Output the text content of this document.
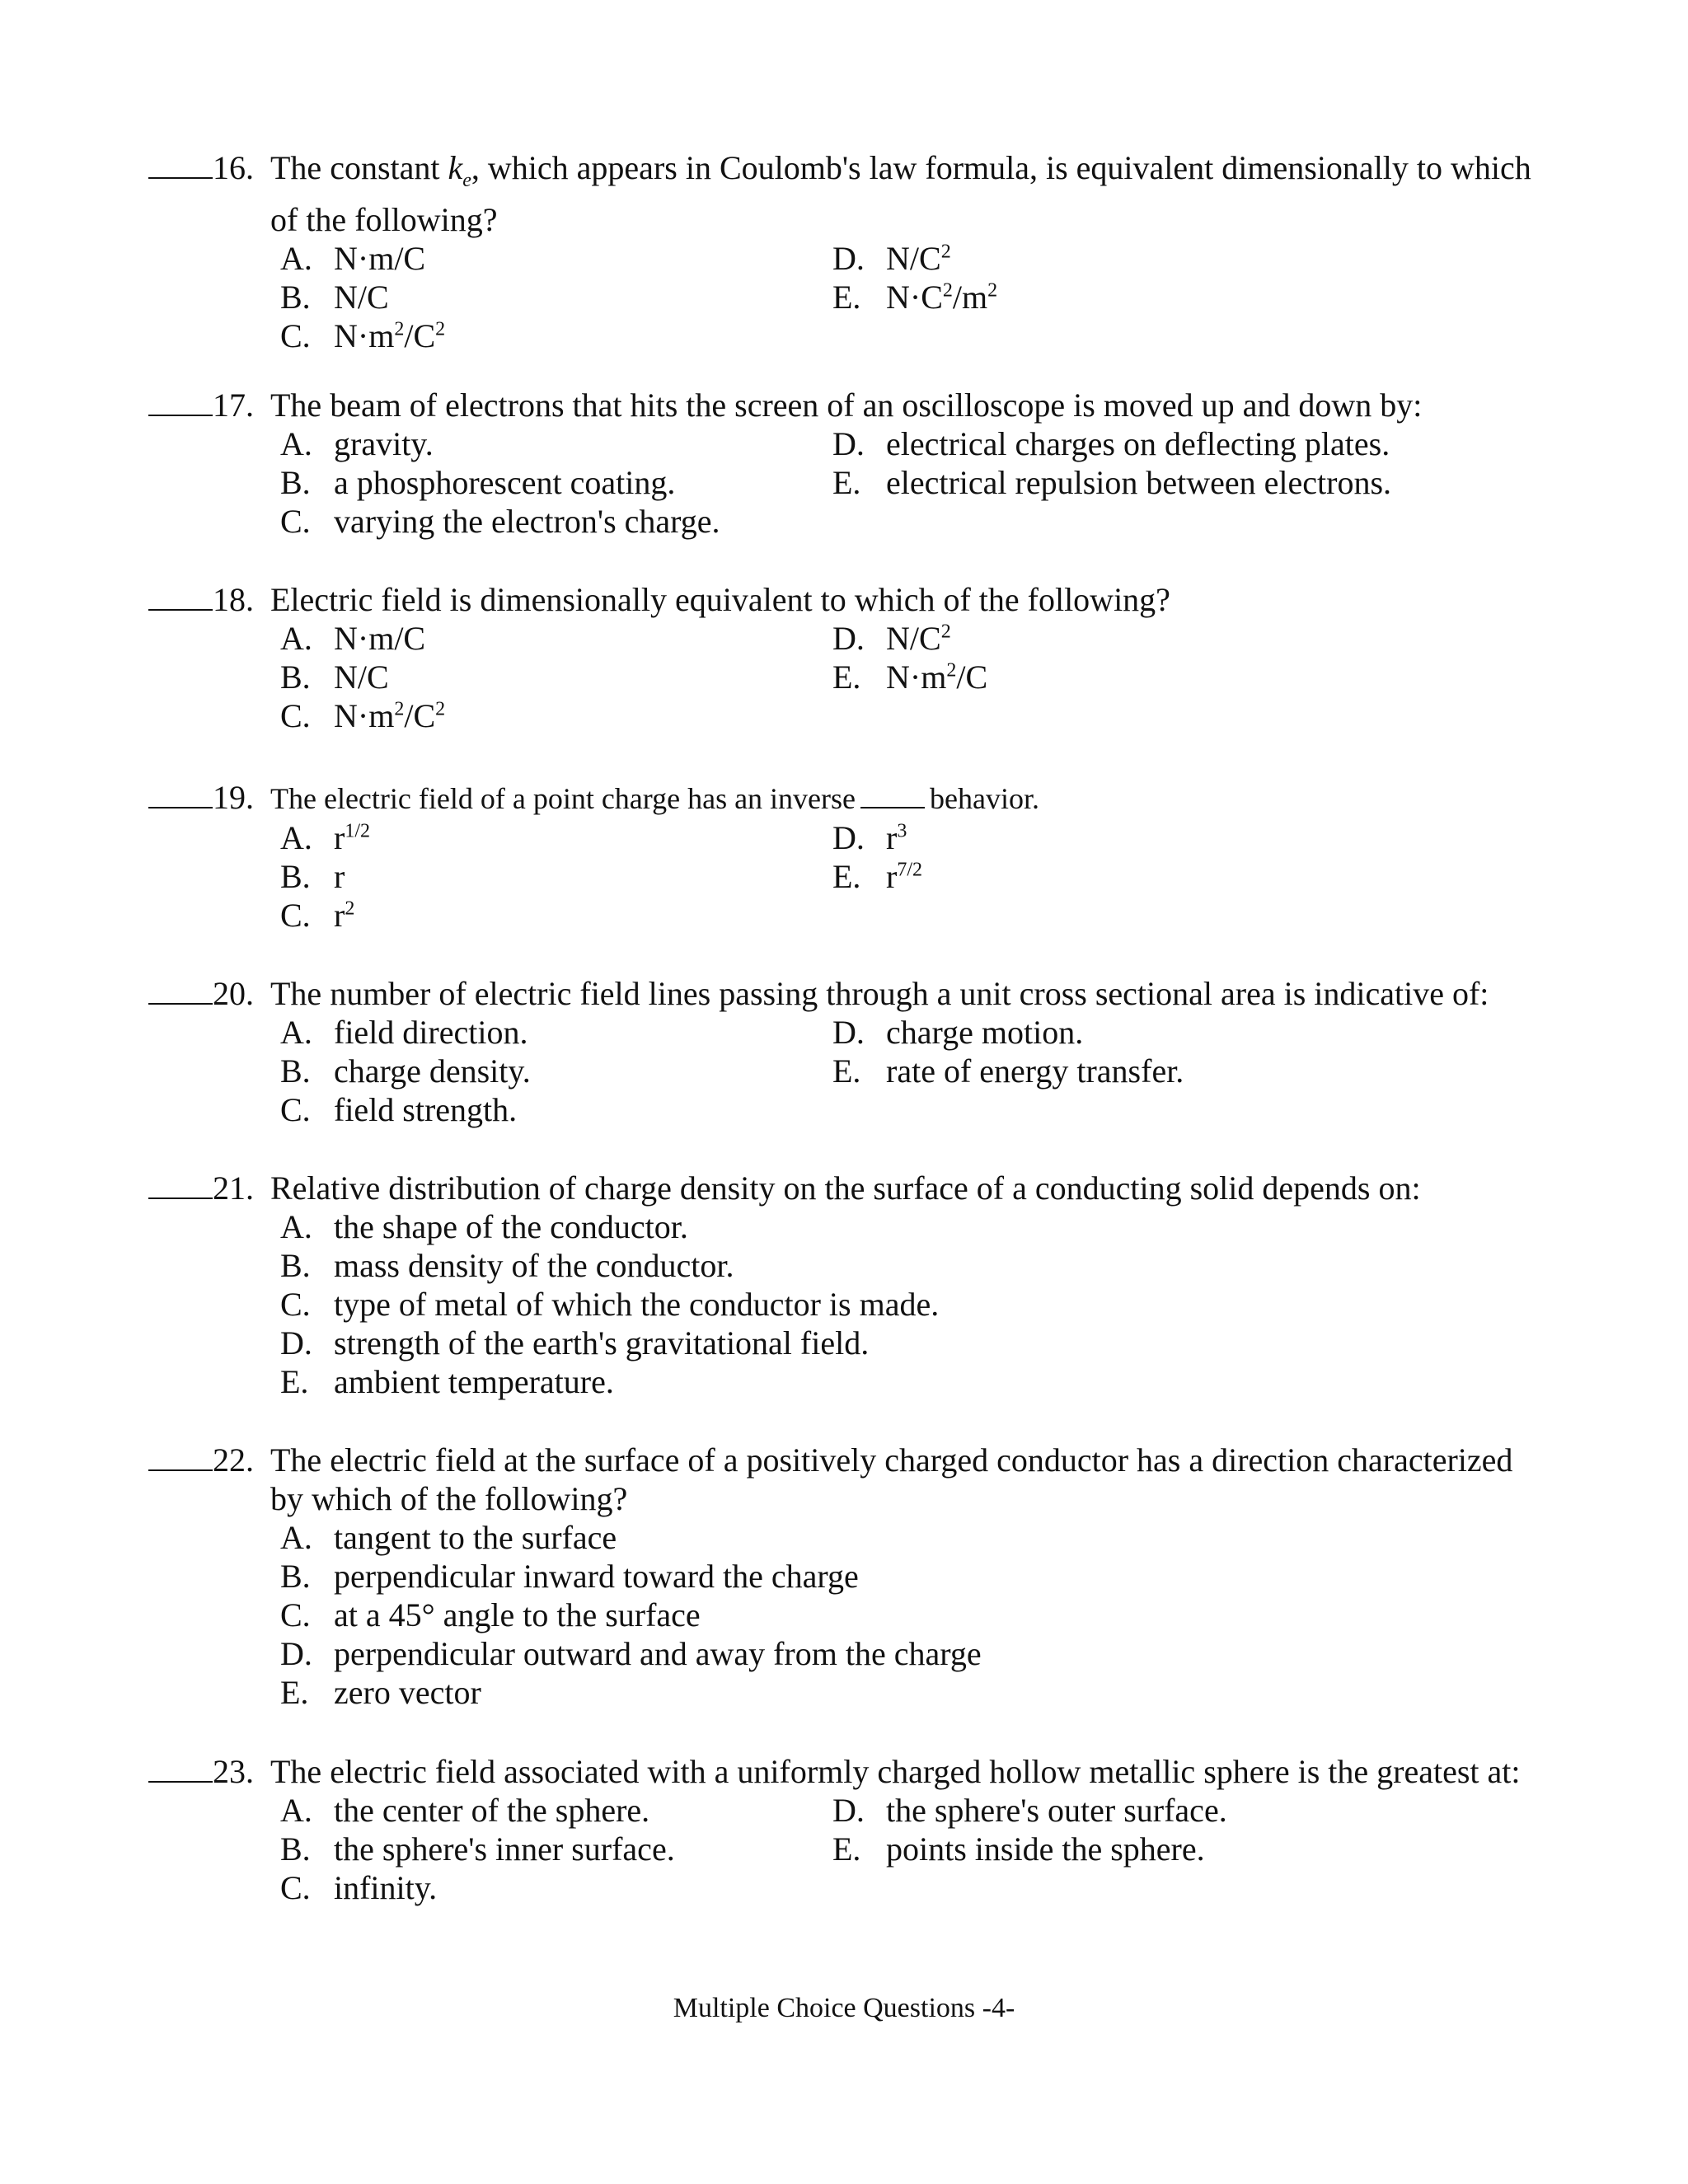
16. The constant $k_e$, which appears in Coulomb's law formula, is equivalent dimensionally to which
of the following?
A. N·m/C	D. $N/C^2$
B. N/C	E. $N\cdot C^2/m^2$
C. $N\cdot m^2/C^2$
17. The beam of electrons that hits the screen of an oscilloscope is moved up and down by:
A. gravity.	D. electrical charges on deflecting plates.
B. a phosphorescent coating.	E. electrical repulsion between electrons.
C. varying the electron's charge.
18. Electric field is dimensionally equivalent to which of the following?
A. N·m/C	D. $N/C^2$
B. N/C	E. $N\cdot m^2/C$
C. $N\cdot m^2/C^2$
19. The electric field of a point charge has an inverse	behavior.
A. $r^{1/2}$	D. $r^3$
B. r	E. $r^{7/2}$
C. $r^2$
20. The number of electric field lines passing through a unit cross sectional area is indicative of:
A. field direction.	D. charge motion.
B. charge density.	E. rate of energy transfer.
C. field strength.
21. Relative distribution of charge density on the surface of a conducting solid depends on:
A. the shape of the conductor.
B. mass density of the conductor.
C. type of metal of which the conductor is made.
D. strength of the earth's gravitational field.
E. ambient temperature.
22. The electric field at the surface of a positively charged conductor has a direction characterized
by which of the following?
A. tangent to the surface
B. perpendicular inward toward the charge
C. at a 45° angle to the surface
D. perpendicular outward and away from the charge
E. zero vector
23. The electric field associated with a uniformly charged hollow metallic sphere is the greatest at:
A. the center of the sphere.	D. the sphere's outer surface.
B. the sphere's inner surface.	E. points inside the sphere.
C. infinity.
Multiple Choice Questions -4-
